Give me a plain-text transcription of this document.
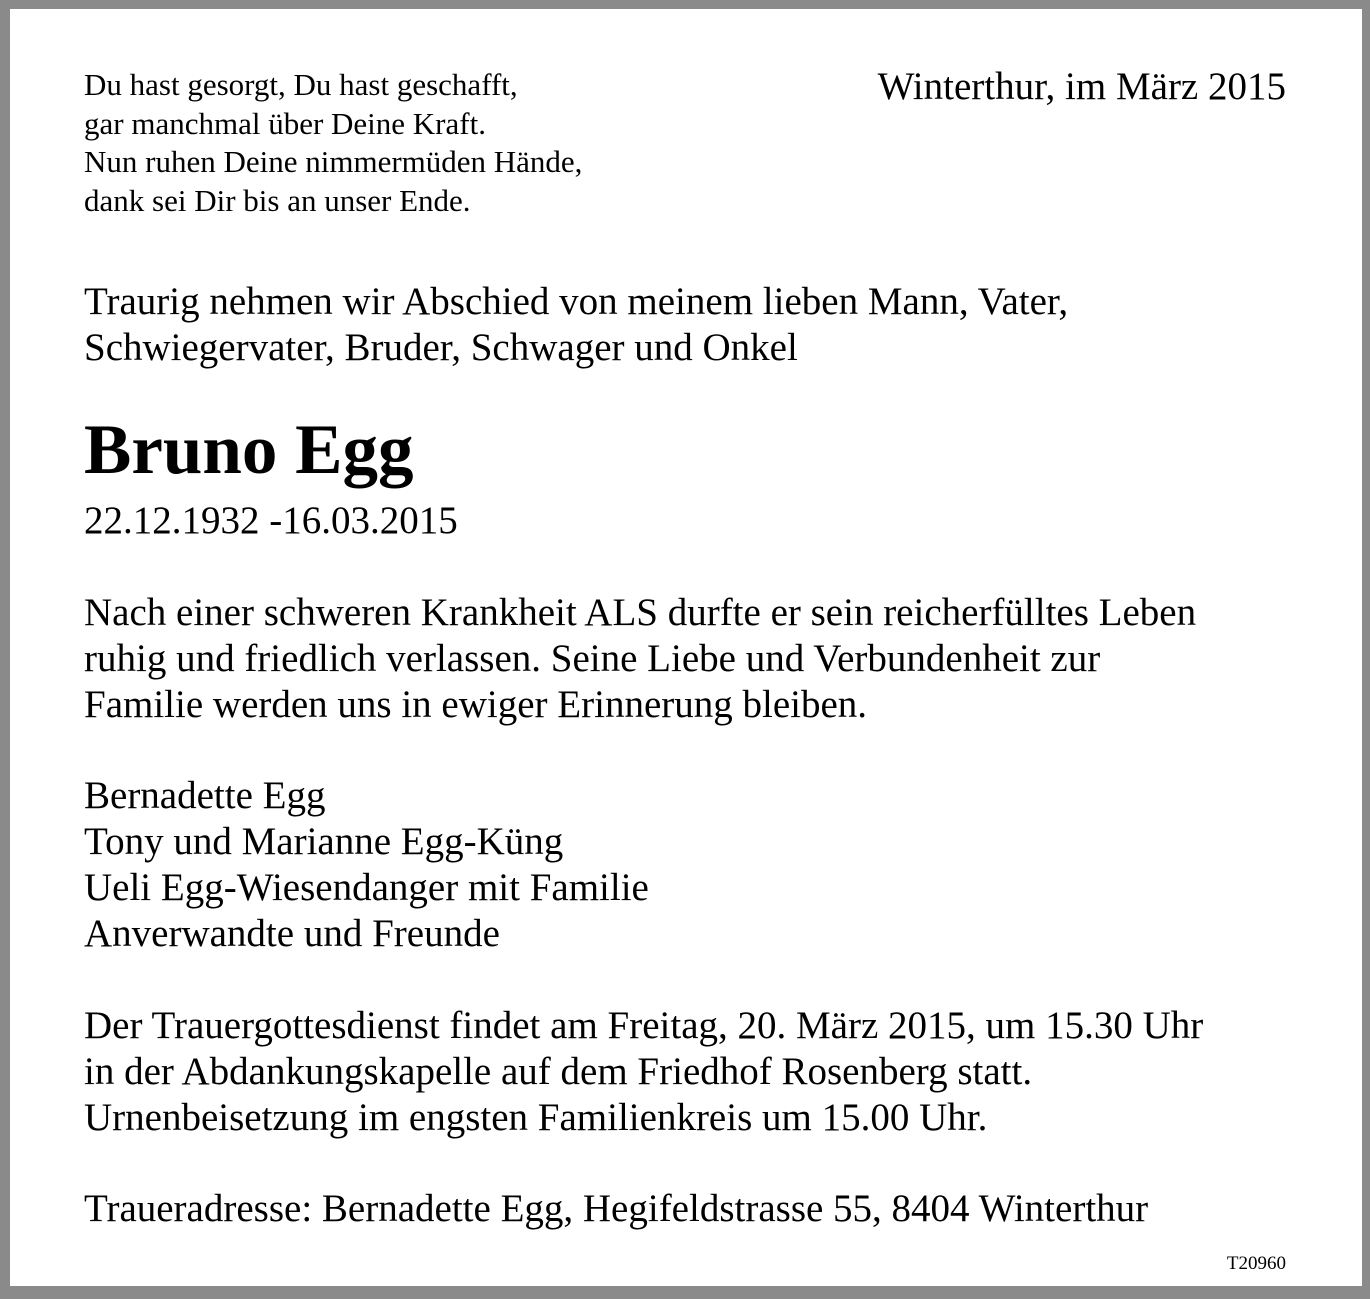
Du hast gesorgt, Du hast geschafft,
gar manchmal über Deine Kraft.
Nun ruhen Deine nimmermüden Hände,
dank sei Dir bis an unser Ende.
Winterthur, im März 2015
Traurig nehmen wir Abschied von meinem lieben Mann, Vater,
Schwiegervater, Bruder, Schwager und Onkel
Bruno Egg
22.12.1932 -16.03.2015
Nach einer schweren Krankheit ALS durfte er sein reicherfülltes Leben
ruhig und friedlich verlassen. Seine Liebe und Verbundenheit zur
Familie werden uns in ewiger Erinnerung bleiben.
Bernadette Egg
Tony und Marianne Egg-Küng
Ueli Egg-Wiesendanger mit Familie
Anverwandte und Freunde
Der Trauergottesdienst findet am Freitag, 20. März 2015, um 15.30 Uhr
in der Abdankungskapelle auf dem Friedhof Rosenberg statt.
Urnenbeisetzung im engsten Familienkreis um 15.00 Uhr.
Traueradresse: Bernadette Egg, Hegifeldstrasse 55, 8404 Winterthur
T20960
